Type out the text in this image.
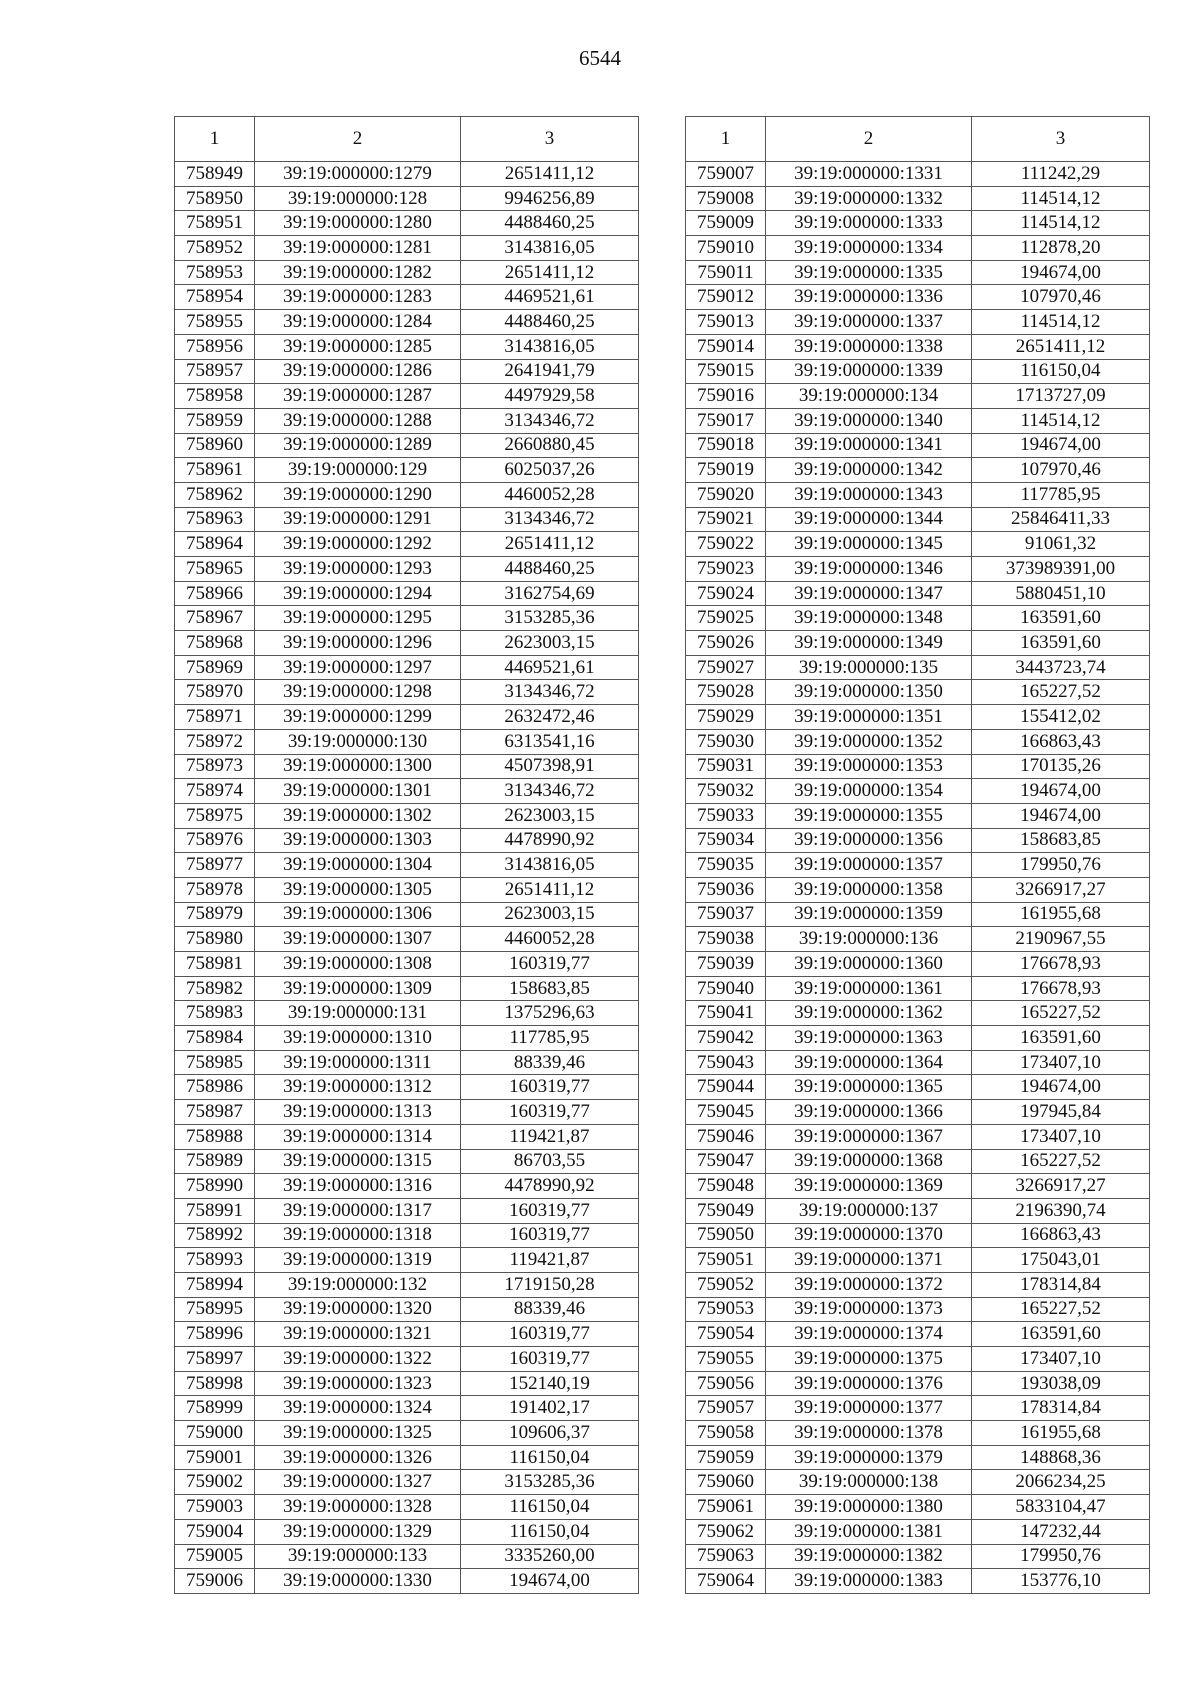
6544
1	2	3
758949	39:19:000000:1279	2651411,12
758950	39:19:000000:128	9946256,89
758951	39:19:000000:1280	4488460,25
758952	39:19:000000:1281	3143816,05
758953	39:19:000000:1282	2651411,12
758954	39:19:000000:1283	4469521,61
758955	39:19:000000:1284	4488460,25
758956	39:19:000000:1285	3143816,05
758957	39:19:000000:1286	2641941,79
758958	39:19:000000:1287	4497929,58
758959	39:19:000000:1288	3134346,72
758960	39:19:000000:1289	2660880,45
758961	39:19:000000:129	6025037,26
758962	39:19:000000:1290	4460052,28
758963	39:19:000000:1291	3134346,72
758964	39:19:000000:1292	2651411,12
758965	39:19:000000:1293	4488460,25
758966	39:19:000000:1294	3162754,69
758967	39:19:000000:1295	3153285,36
758968	39:19:000000:1296	2623003,15
758969	39:19:000000:1297	4469521,61
758970	39:19:000000:1298	3134346,72
758971	39:19:000000:1299	2632472,46
758972	39:19:000000:130	6313541,16
758973	39:19:000000:1300	4507398,91
758974	39:19:000000:1301	3134346,72
758975	39:19:000000:1302	2623003,15
758976	39:19:000000:1303	4478990,92
758977	39:19:000000:1304	3143816,05
758978	39:19:000000:1305	2651411,12
758979	39:19:000000:1306	2623003,15
758980	39:19:000000:1307	4460052,28
758981	39:19:000000:1308	160319,77
758982	39:19:000000:1309	158683,85
758983	39:19:000000:131	1375296,63
758984	39:19:000000:1310	117785,95
758985	39:19:000000:1311	88339,46
758986	39:19:000000:1312	160319,77
758987	39:19:000000:1313	160319,77
758988	39:19:000000:1314	119421,87
758989	39:19:000000:1315	86703,55
758990	39:19:000000:1316	4478990,92
758991	39:19:000000:1317	160319,77
758992	39:19:000000:1318	160319,77
758993	39:19:000000:1319	119421,87
758994	39:19:000000:132	1719150,28
758995	39:19:000000:1320	88339,46
758996	39:19:000000:1321	160319,77
758997	39:19:000000:1322	160319,77
758998	39:19:000000:1323	152140,19
758999	39:19:000000:1324	191402,17
759000	39:19:000000:1325	109606,37
759001	39:19:000000:1326	116150,04
759002	39:19:000000:1327	3153285,36
759003	39:19:000000:1328	116150,04
759004	39:19:000000:1329	116150,04
759005	39:19:000000:133	3335260,00
759006	39:19:000000:1330	194674,00
1	2	3
759007	39:19:000000:1331	111242,29
759008	39:19:000000:1332	114514,12
759009	39:19:000000:1333	114514,12
759010	39:19:000000:1334	112878,20
759011	39:19:000000:1335	194674,00
759012	39:19:000000:1336	107970,46
759013	39:19:000000:1337	114514,12
759014	39:19:000000:1338	2651411,12
759015	39:19:000000:1339	116150,04
759016	39:19:000000:134	1713727,09
759017	39:19:000000:1340	114514,12
759018	39:19:000000:1341	194674,00
759019	39:19:000000:1342	107970,46
759020	39:19:000000:1343	117785,95
759021	39:19:000000:1344	25846411,33
759022	39:19:000000:1345	91061,32
759023	39:19:000000:1346	373989391,00
759024	39:19:000000:1347	5880451,10
759025	39:19:000000:1348	163591,60
759026	39:19:000000:1349	163591,60
759027	39:19:000000:135	3443723,74
759028	39:19:000000:1350	165227,52
759029	39:19:000000:1351	155412,02
759030	39:19:000000:1352	166863,43
759031	39:19:000000:1353	170135,26
759032	39:19:000000:1354	194674,00
759033	39:19:000000:1355	194674,00
759034	39:19:000000:1356	158683,85
759035	39:19:000000:1357	179950,76
759036	39:19:000000:1358	3266917,27
759037	39:19:000000:1359	161955,68
759038	39:19:000000:136	2190967,55
759039	39:19:000000:1360	176678,93
759040	39:19:000000:1361	176678,93
759041	39:19:000000:1362	165227,52
759042	39:19:000000:1363	163591,60
759043	39:19:000000:1364	173407,10
759044	39:19:000000:1365	194674,00
759045	39:19:000000:1366	197945,84
759046	39:19:000000:1367	173407,10
759047	39:19:000000:1368	165227,52
759048	39:19:000000:1369	3266917,27
759049	39:19:000000:137	2196390,74
759050	39:19:000000:1370	166863,43
759051	39:19:000000:1371	175043,01
759052	39:19:000000:1372	178314,84
759053	39:19:000000:1373	165227,52
759054	39:19:000000:1374	163591,60
759055	39:19:000000:1375	173407,10
759056	39:19:000000:1376	193038,09
759057	39:19:000000:1377	178314,84
759058	39:19:000000:1378	161955,68
759059	39:19:000000:1379	148868,36
759060	39:19:000000:138	2066234,25
759061	39:19:000000:1380	5833104,47
759062	39:19:000000:1381	147232,44
759063	39:19:000000:1382	179950,76
759064	39:19:000000:1383	153776,10
